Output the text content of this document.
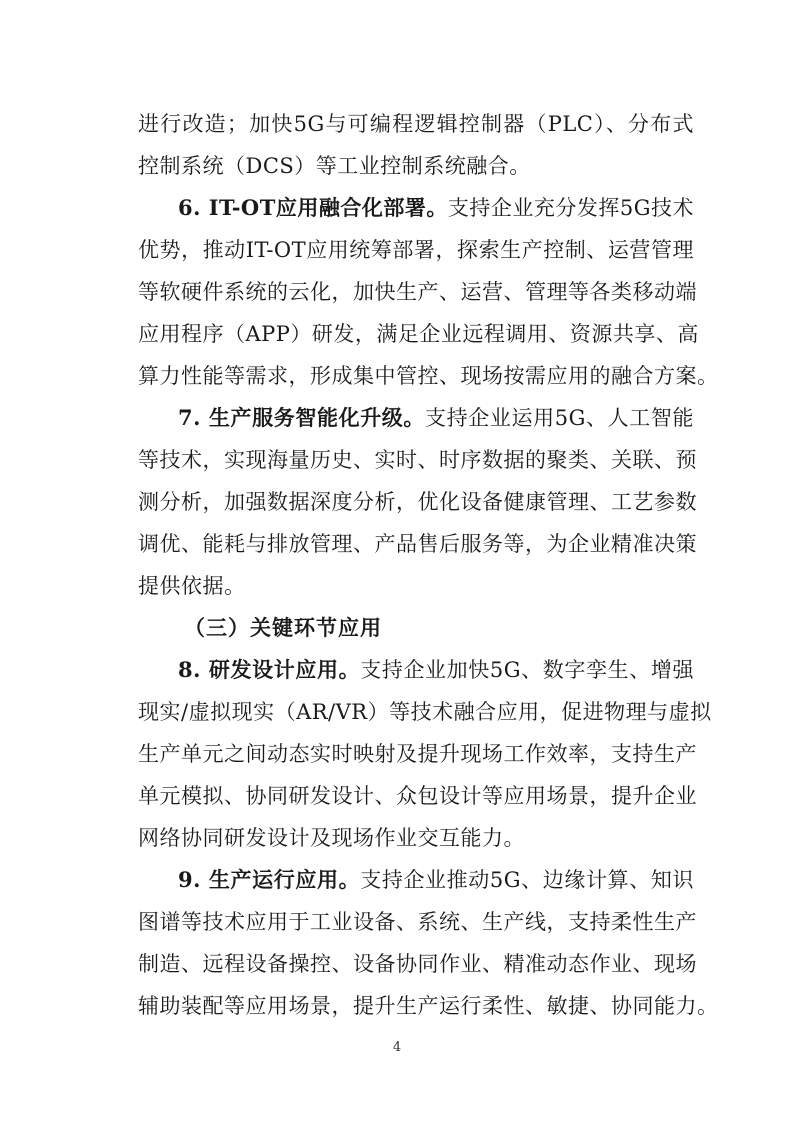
进行改造；加快5G与可编程逻辑控制器（PLC）、分布式
控制系统（DCS）等工业控制系统融合。
6. IT-OT应用融合化部署。支持企业充分发挥5G技术
优势，推动IT-OT应用统筹部署，探索生产控制、运营管理
等软硬件系统的云化，加快生产、运营、管理等各类移动端
应用程序（APP）研发，满足企业远程调用、资源共享、高
算力性能等需求，形成集中管控、现场按需应用的融合方案。
7. 生产服务智能化升级。支持企业运用5G、人工智能
等技术，实现海量历史、实时、时序数据的聚类、关联、预
测分析，加强数据深度分析，优化设备健康管理、工艺参数
调优、能耗与排放管理、产品售后服务等，为企业精准决策
提供依据。
（三）关键环节应用
8. 研发设计应用。支持企业加快5G、数字孪生、增强
现实/虚拟现实（AR/VR）等技术融合应用，促进物理与虚拟
生产单元之间动态实时映射及提升现场工作效率，支持生产
单元模拟、协同研发设计、众包设计等应用场景，提升企业
网络协同研发设计及现场作业交互能力。
9. 生产运行应用。支持企业推动5G、边缘计算、知识
图谱等技术应用于工业设备、系统、生产线，支持柔性生产
制造、远程设备操控、设备协同作业、精准动态作业、现场
辅助装配等应用场景，提升生产运行柔性、敏捷、协同能力。
4
